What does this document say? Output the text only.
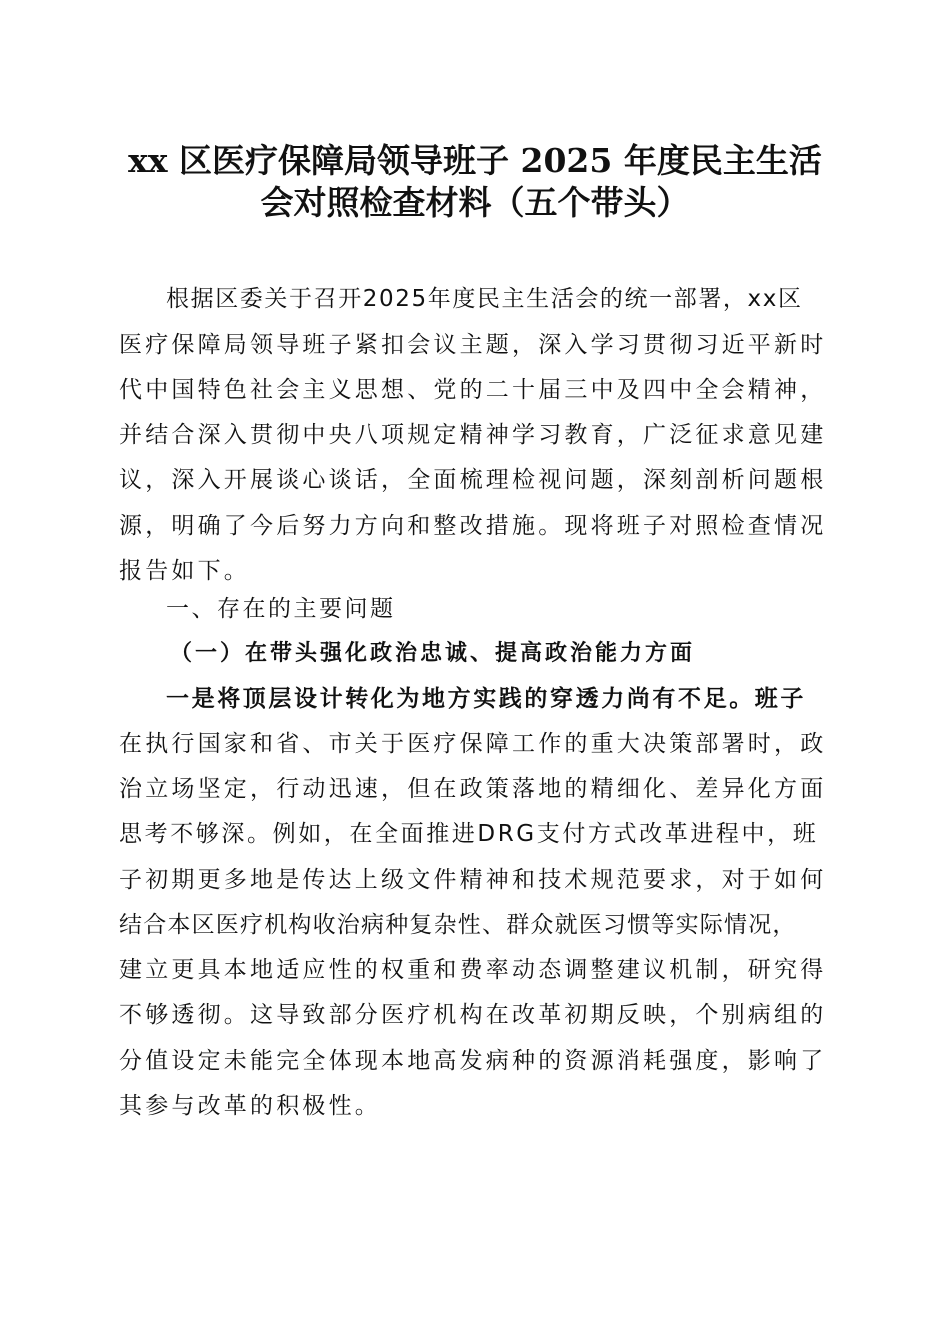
xx 区医疗保障局领导班子 2025 年度民主生活
会对照检查材料（五个带头）
根据区委关于召开2025年度民主生活会的统一部署，xx区
医疗保障局领导班子紧扣会议主题，深入学习贯彻习近平新时
代中国特色社会主义思想、党的二十届三中及四中全会精神，
并结合深入贯彻中央八项规定精神学习教育，广泛征求意见建
议，深入开展谈心谈话，全面梳理检视问题，深刻剖析问题根
源，明确了今后努力方向和整改措施。现将班子对照检查情况
报告如下。
一、存在的主要问题
（一）在带头强化政治忠诚、提高政治能力方面
一是将顶层设计转化为地方实践的穿透力尚有不足。班子
在执行国家和省、市关于医疗保障工作的重大决策部署时，政
治立场坚定，行动迅速，但在政策落地的精细化、差异化方面
思考不够深。例如，在全面推进DRG支付方式改革进程中，班
子初期更多地是传达上级文件精神和技术规范要求，对于如何
结合本区医疗机构收治病种复杂性、群众就医习惯等实际情况，
建立更具本地适应性的权重和费率动态调整建议机制，研究得
不够透彻。这导致部分医疗机构在改革初期反映，个别病组的
分值设定未能完全体现本地高发病种的资源消耗强度，影响了
其参与改革的积极性。
